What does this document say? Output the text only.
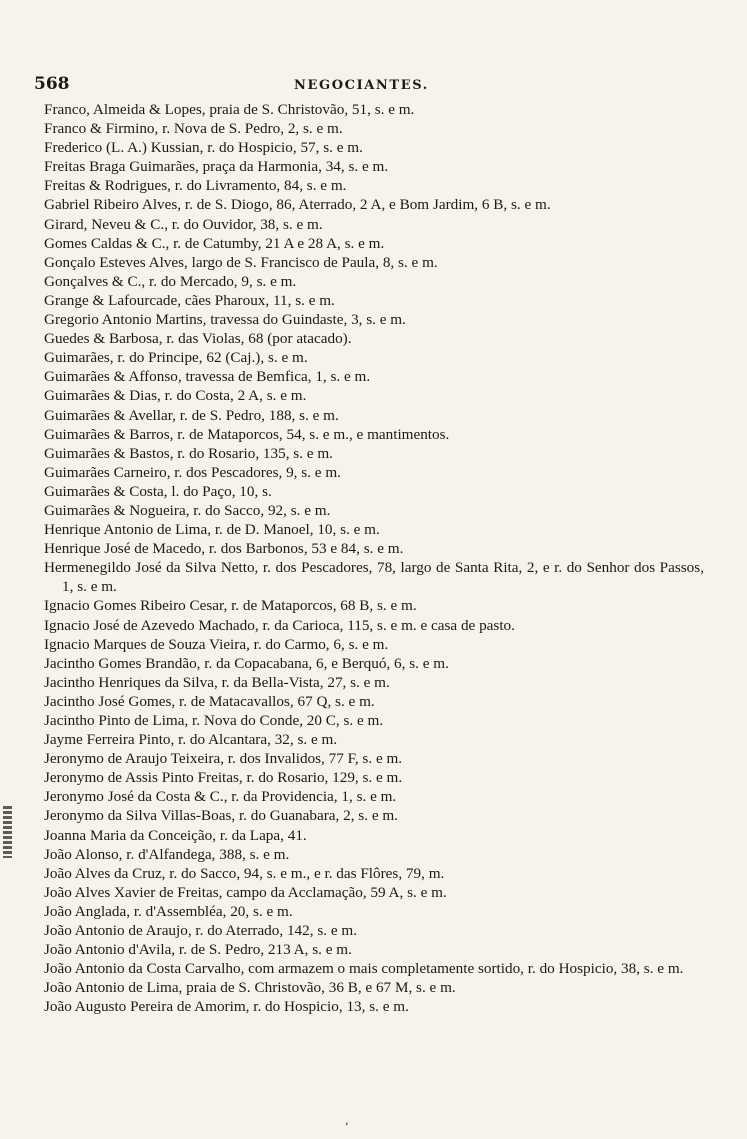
568	NEGOCIANTES.
Franco, Almeida & Lopes, praia de S. Christovão, 51, s. e m.
Franco & Firmino, r. Nova de S. Pedro, 2, s. e m.
Frederico (L. A.) Kussian, r. do Hospicio, 57, s. e m.
Freitas Braga Guimarães, praça da Harmonia, 34, s. e m.
Freitas & Rodrigues, r. do Livramento, 84, s. e m.
Gabriel Ribeiro Alves, r. de S. Diogo, 86, Aterrado, 2 A, e Bom Jardim, 6 B, s. e m.
Girard, Neveu & C., r. do Ouvidor, 38, s. e m.
Gomes Caldas & C., r. de Catumby, 21 A e 28 A, s. e m.
Gonçalo Esteves Alves, largo de S. Francisco de Paula, 8, s. e m.
Gonçalves & C., r. do Mercado, 9, s. e m.
Grange & Lafourcade, cães Pharoux, 11, s. e m.
Gregorio Antonio Martins, travessa do Guindaste, 3, s. e m.
Guedes & Barbosa, r. das Violas, 68 (por atacado).
Guimarães, r. do Principe, 62 (Caj.), s. e m.
Guimarães & Affonso, travessa de Bemfica, 1, s. e m.
Guimarães & Dias, r. do Costa, 2 A, s. e m.
Guimarães & Avellar, r. de S. Pedro, 188, s. e m.
Guimarães & Barros, r. de Mataporcos, 54, s. e m., e mantimentos.
Guimarães & Bastos, r. do Rosario, 135, s. e m.
Guimarães Carneiro, r. dos Pescadores, 9, s. e m.
Guimarães & Costa, l. do Paço, 10, s.
Guimarães & Nogueira, r. do Sacco, 92, s. e m.
Henrique Antonio de Lima, r. de D. Manoel, 10, s. e m.
Henrique José de Macedo, r. dos Barbonos, 53 e 84, s. e m.
Hermenegildo José da Silva Netto, r. dos Pescadores, 78, largo de Santa Rita, 2, e r. do Senhor dos Passos, 1, s. e m.
Ignacio Gomes Ribeiro Cesar, r. de Mataporcos, 68 B, s. e m.
Ignacio José de Azevedo Machado, r. da Carioca, 115, s. e m. e casa de pasto.
Ignacio Marques de Souza Vieira, r. do Carmo, 6, s. e m.
Jacintho Gomes Brandão, r. da Copacabana, 6, e Berquó, 6, s. e m.
Jacintho Henriques da Silva, r. da Bella-Vista, 27, s. e m.
Jacintho José Gomes, r. de Matacavallos, 67 Q, s. e m.
Jacintho Pinto de Lima, r. Nova do Conde, 20 C, s. e m.
Jayme Ferreira Pinto, r. do Alcantara, 32, s. e m.
Jeronymo de Araujo Teixeira, r. dos Invalidos, 77 F, s. e m.
Jeronymo de Assis Pinto Freitas, r. do Rosario, 129, s. e m.
Jeronymo José da Costa & C., r. da Providencia, 1, s. e m.
Jeronymo da Silva Villas-Boas, r. do Guanabara, 2, s. e m.
Joanna Maria da Conceição, r. da Lapa, 41.
João Alonso, r. d'Alfandega, 388, s. e m.
João Alves da Cruz, r. do Sacco, 94, s. e m., e r. das Flôres, 79, m.
João Alves Xavier de Freitas, campo da Acclamação, 59 A, s. e m.
João Anglada, r. d'Assembléa, 20, s. e m.
João Antonio de Araujo, r. do Aterrado, 142, s. e m.
João Antonio d'Avila, r. de S. Pedro, 213 A, s. e m.
João Antonio da Costa Carvalho, com armazem o mais completamente sortido, r. do Hospicio, 38, s. e m.
João Antonio de Lima, praia de S. Christovão, 36 B, e 67 M, s. e m.
João Augusto Pereira de Amorim, r. do Hospicio, 13, s. e m.
,
